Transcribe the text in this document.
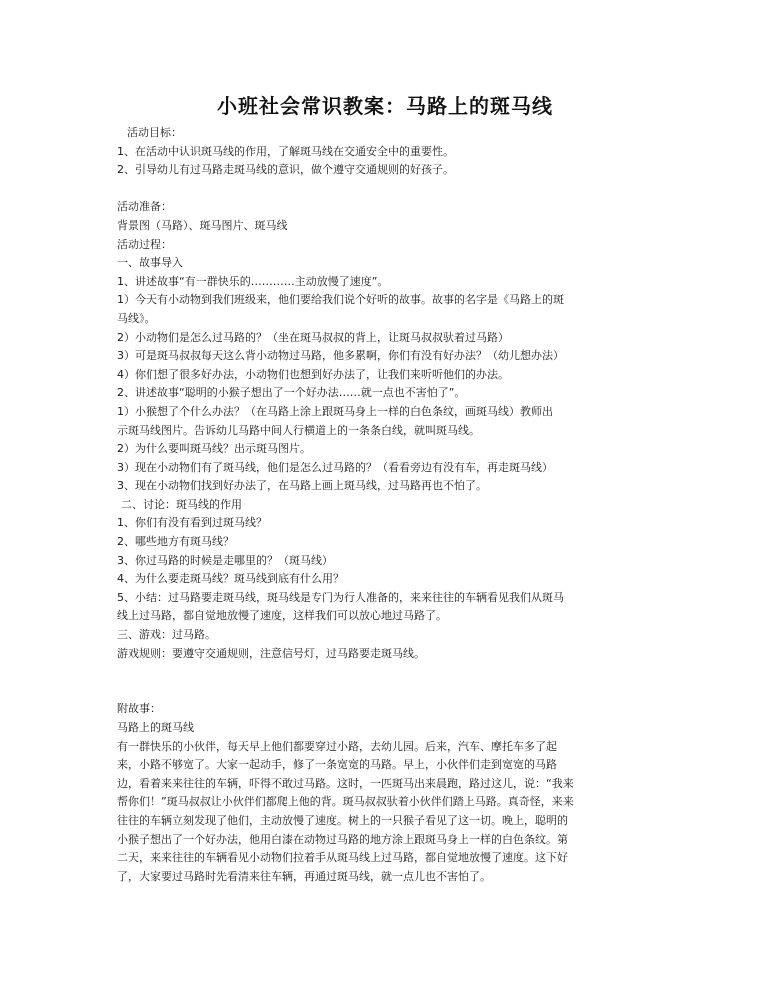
小班社会常识教案：马路上的斑马线
活动目标：
1、在活动中认识斑马线的作用，了解斑马线在交通安全中的重要性。
2、引导幼儿有过马路走斑马线的意识，做个遵守交通规则的好孩子。
活动准备：
背景图（马路）、斑马图片、斑马线
活动过程：
一、故事导入
1、讲述故事“有一群快乐的…………主动放慢了速度”。
1）今天有小动物到我们班级来，他们要给我们说个好听的故事。故事的名字是《马路上的斑
马线》。
2）小动物们是怎么过马路的？（坐在斑马叔叔的背上，让斑马叔叔驮着过马路）
3）可是斑马叔叔每天这么背小动物过马路，他多累啊，你们有没有好办法？（幼儿想办法）
4）你们想了很多好办法，小动物们也想到好办法了，让我们来听听他们的办法。
2、讲述故事“聪明的小猴子想出了一个好办法……就一点也不害怕了”。
1）小猴想了个什么办法？（在马路上涂上跟斑马身上一样的白色条纹，画斑马线）教师出
示斑马线图片。告诉幼儿马路中间人行横道上的一条条白线，就叫斑马线。
2）为什么要叫斑马线？出示斑马图片。
3）现在小动物们有了斑马线，他们是怎么过马路的？（看看旁边有没有车，再走斑马线）
3、现在小动物们找到好办法了，在马路上画上斑马线，过马路再也不怕了。
二、讨论：斑马线的作用
1、你们有没有看到过斑马线？
2、哪些地方有斑马线？
3、你过马路的时候是走哪里的？（斑马线）
4、为什么要走斑马线？斑马线到底有什么用？
5、小结：过马路要走斑马线，斑马线是专门为行人准备的，来来往往的车辆看见我们从斑马
线上过马路，都自觉地放慢了速度，这样我们可以放心地过马路了。
三、游戏：过马路。
游戏规则：要遵守交通规则，注意信号灯，过马路要走斑马线。
附故事：
马路上的斑马线
有一群快乐的小伙伴，每天早上他们都要穿过小路，去幼儿园。后来，汽车、摩托车多了起
来，小路不够宽了。大家一起动手，修了一条宽宽的马路。早上，小伙伴们走到宽宽的马路
边，看着来来往往的车辆，吓得不敢过马路。这时，一匹斑马出来晨跑，路过这儿，说：“我来
帮你们！”斑马叔叔让小伙伴们都爬上他的背。斑马叔叔驮着小伙伴们踏上马路。真奇怪，来来
往往的车辆立刻发现了他们，主动放慢了速度。树上的一只猴子看见了这一切。晚上，聪明的
小猴子想出了一个好办法，他用白漆在动物过马路的地方涂上跟斑马身上一样的白色条纹。第
二天，来来往往的车辆看见小动物们拉着手从斑马线上过马路，都自觉地放慢了速度。这下好
了，大家要过马路时先看清来往车辆，再通过斑马线，就一点儿也不害怕了。
